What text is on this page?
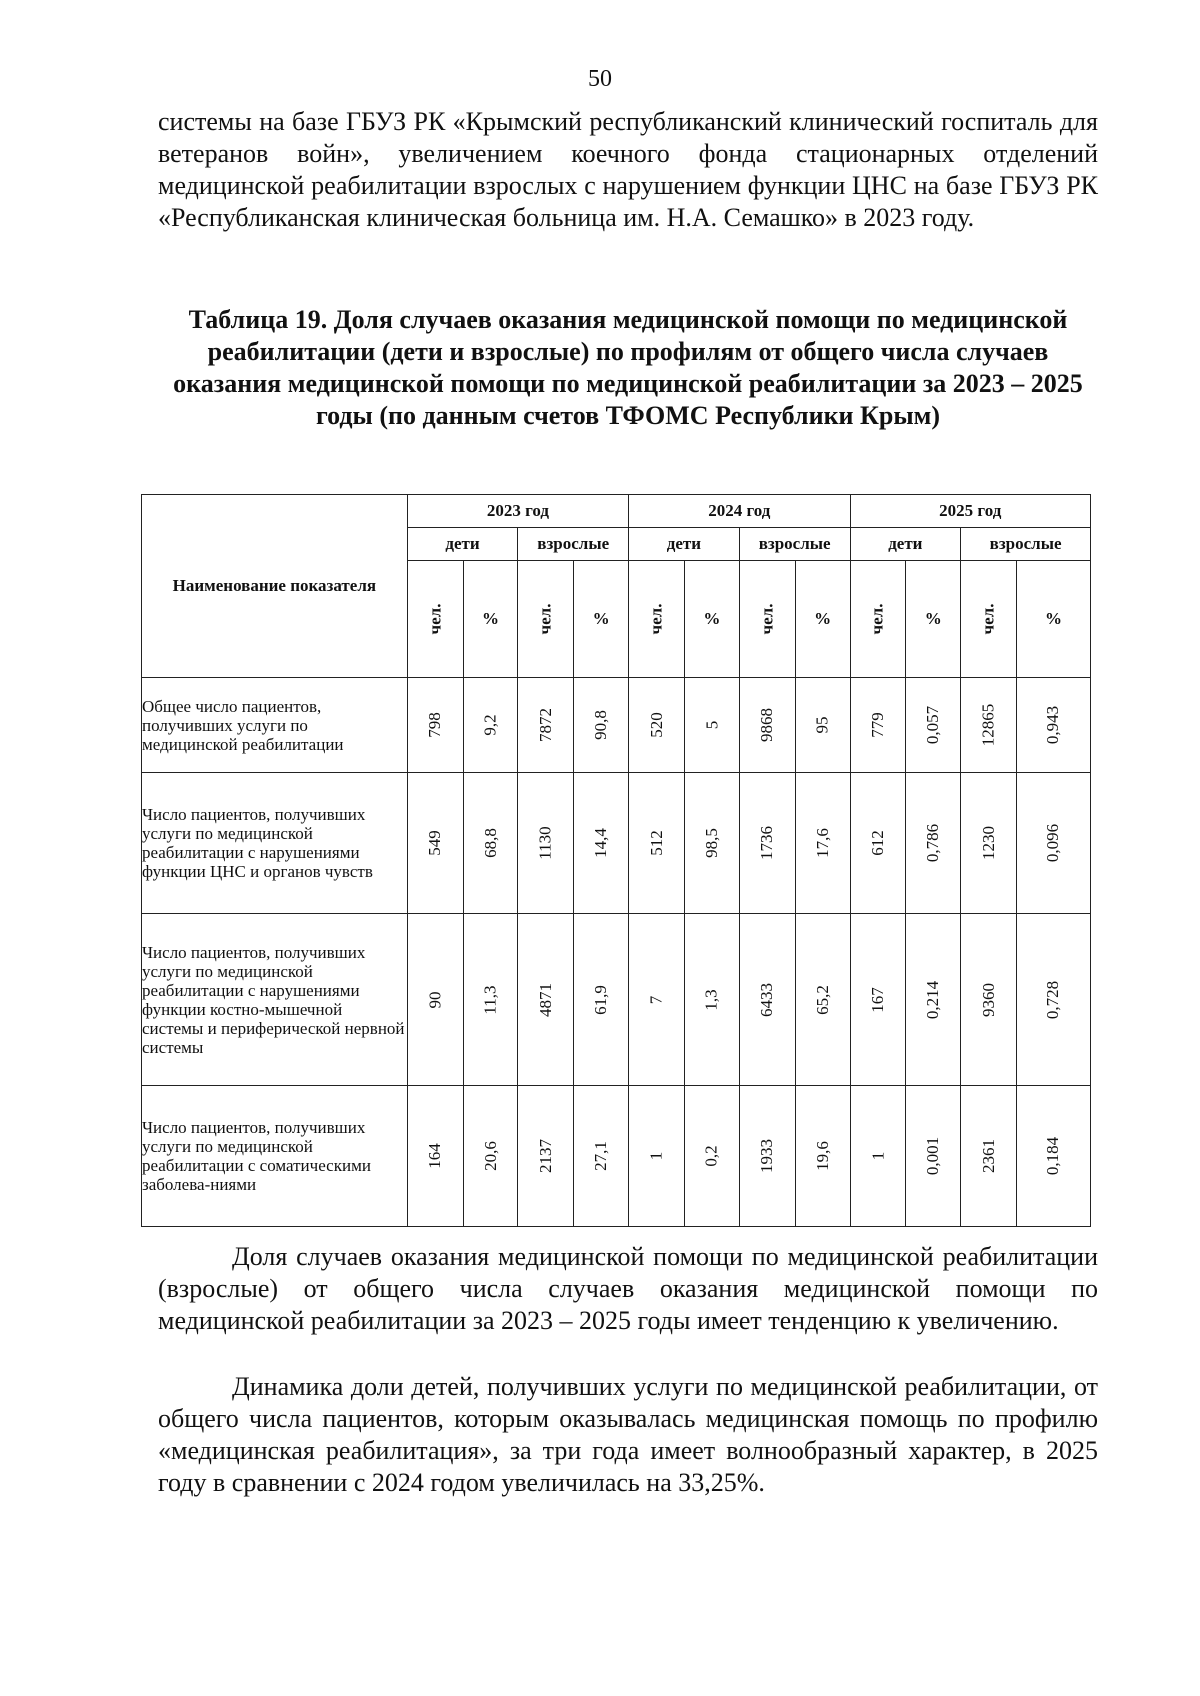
50

системы на базе ГБУЗ РК «Крымский республиканский клинический госпиталь для ветеранов войн», увеличением коечного фонда стационарных отделений медицинской реабилитации взрослых с нарушением функции ЦНС на базе ГБУЗ РК «Республиканская клиническая больница им. Н.А. Семашко» в 2023 году.

Таблица 19. Доля случаев оказания медицинской помощи по медицинской реабилитации (дети и взрослые) по профилям от общего числа случаев оказания медицинской помощи по медицинской реабилитации за 2023 – 2025 годы (по данным счетов ТФОМС Республики Крым)

Наименование показателя	2023 год				2024 год				2025 год			
	дети		взрослые		дети		взрослые		дети		взрослые	
	чел.	%	чел.	%	чел.	%	чел.	%	чел.	%	чел.	%
Общее число пациентов, получивших услуги по медицинской реабилитации	798	9,2	7872	90,8	520	5	9868	95	779	0,057	12865	0,943
Число пациентов, получивших услуги по медицинской реабилитации с нарушениями функции ЦНС и органов чувств	549	68,8	1130	14,4	512	98,5	1736	17,6	612	0,786	1230	0,096
Число пациентов, получивших услуги по медицинской реабилитации с нарушениями функции костно-мышечной системы и периферической нервной системы	90	11,3	4871	61,9	7	1,3	6433	65,2	167	0,214	9360	0,728
Число пациентов, получивших услуги по медицинской реабилитации с соматическими заболева-ниями	164	20,6	2137	27,1	1	0,2	1933	19,6	1	0,001	2361	0,184

Доля случаев оказания медицинской помощи по медицинской реабилитации (взрослые) от общего числа случаев оказания медицинской помощи по медицинской реабилитации за 2023 – 2025 годы имеет тенденцию к увеличению.

Динамика доли детей, получивших услуги по медицинской реабилитации, от общего числа пациентов, которым оказывалась медицинская помощь по профилю «медицинская реабилитация», за три года имеет волнообразный характер, в 2025 году в сравнении с 2024 годом увеличилась на 33,25%.
